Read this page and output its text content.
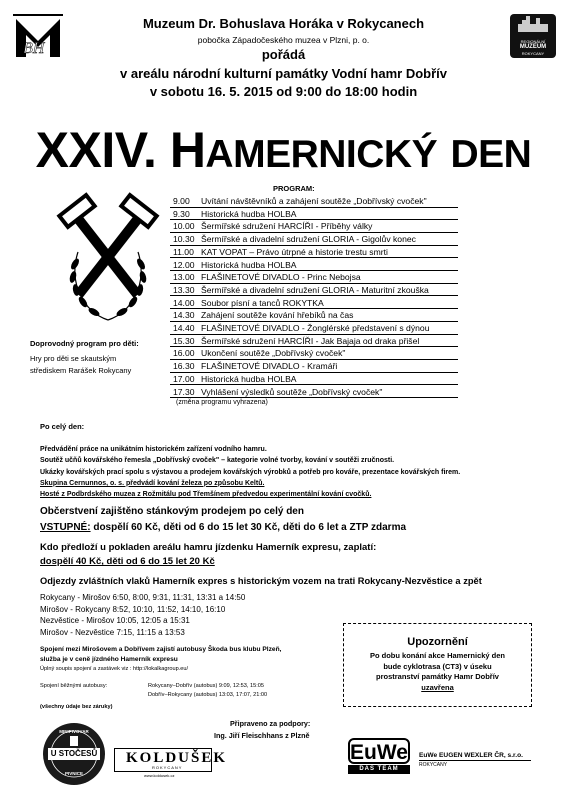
BH	REGIONÁLNÍ
MUZEUM
ROKYCANY
Muzeum Dr. Bohuslava Horáka v Rokycanech
pobočka Západočeského muzea v Plzni, p. o.
pořádá
v areálu národní kulturní památky Vodní hamr Dobřív
v sobotu 16. 5. 2015 od 9:00 do 18:00 hodin
XXIV. HAMERNICKÝ DEN
Doprovodný program pro děti:
Hry pro děti se skautským
střediskem Rarášek Rokycany
PROGRAM:
9.00 Uvítání návštěvníků a zahájení soutěže „Dobřívský cvoček"
9.30 Historická hudba HOLBA
10.00 Šermířské sdružení HARCÍŘI - Příběhy války
10.30 Šermířské a divadelní sdružení GLORIA - Gigolův konec
11.00 KAT VOPAT – Právo útrpné a historie trestu smrti
12.00 Historická hudba HOLBA
13.00 FLAŠINETOVÉ DIVADLO - Princ Nebojsa
13.30 Šermířské a divadelní sdružení GLORIA - Maturitní zkouška
14.00 Soubor písní a tanců ROKYTKA
14.30 Zahájení soutěže kování hřebíků na čas
14.40 FLAŠINETOVÉ DIVADLO - Žonglérské představení s dýnou
15.30 Šermířské sdružení HARCÍŘI - Jak Bajaja od draka přišel
16.00 Ukončení soutěže „Dobřívský cvoček"
16.30 FLAŠINETOVÉ DIVADLO - Kramáři
17.00 Historická hudba HOLBA
17.30 Vyhlášení výsledků soutěže „Dobřívský cvoček"
(změna programu vyhrazena)
Po celý den:
Předvádění práce na unikátním historickém zařízení vodního hamru.
Soutěž učňů kovářského řemesla „Dobřívský cvoček" – kategorie volné tvorby, kování v soutěži zručnosti.
Ukázky kovářských prací spolu s výstavou a prodejem kovářských výrobků a potřeb pro kováře, prezentace kovářských firem.
Skupina Cernunnos, o. s. předvádí kování železa po způsobu Keltů.
Hosté z Podbrdského muzea z Rožmitálu pod Třemšínem předvedou experimentální kování cvočků.
Občerstvení zajištěno stánkovým prodejem po celý den
VSTUPNÉ: dospělí 60 Kč, děti od 6 do 15 let 30 Kč, děti do 6 let a ZTP zdarma
Kdo předloží u pokladen areálu hamru jízdenku Hamerník expresu, zaplatí:
dospělí 40 Kč, děti od 6 do 15 let 20 Kč
Odjezdy zvláštních vlaků Hamerník expres s historickým vozem na trati Rokycany-Nezvěstice a zpět
Rokycany - Mirošov 6:50, 8:00, 9:31, 11:31, 13:31 a 14:50
Mirošov - Rokycany 8:52, 10:10, 11:52, 14:10, 16:10
Nezvěstice - Mirošov 10:05, 12:05 a 15:31
Mirošov - Nezvěstice 7:15, 11:15 a 13:53
Spojení mezi Mirošovem a Dobřívem zajistí autobusy Škoda bus klubu Plzeň,
služba je v ceně jízdného Hamerník expresu
Úplný soupis spojení a zastávek viz : http://lokalkagroup.eu/
Spojení běžnými autobusy:	Rokycany–Dobřív (autobus) 9:09, 12:53, 15:05
Dobřív–Rokycany (autobus) 13:03, 17:07, 21:00
(všechny údaje bez záruky)
Upozornění
Po dobu konání akce Hamernický den
bude cyklotrasa (CT3) v úseku
prostranství památky Hamr Dobřív
uzavřena
Připraveno za podpory:
Ing. Jiří Fleischhans z Plzně
MINIPIVOVAR
U STOČESŮ
PIVNICE
KOLDUŠEK
ROKYCANY
www.koldusek.cz
EuWe
DAS TEAM
EuWe EUGEN WEXLER ČR, s.r.o.
ROKYCANY
